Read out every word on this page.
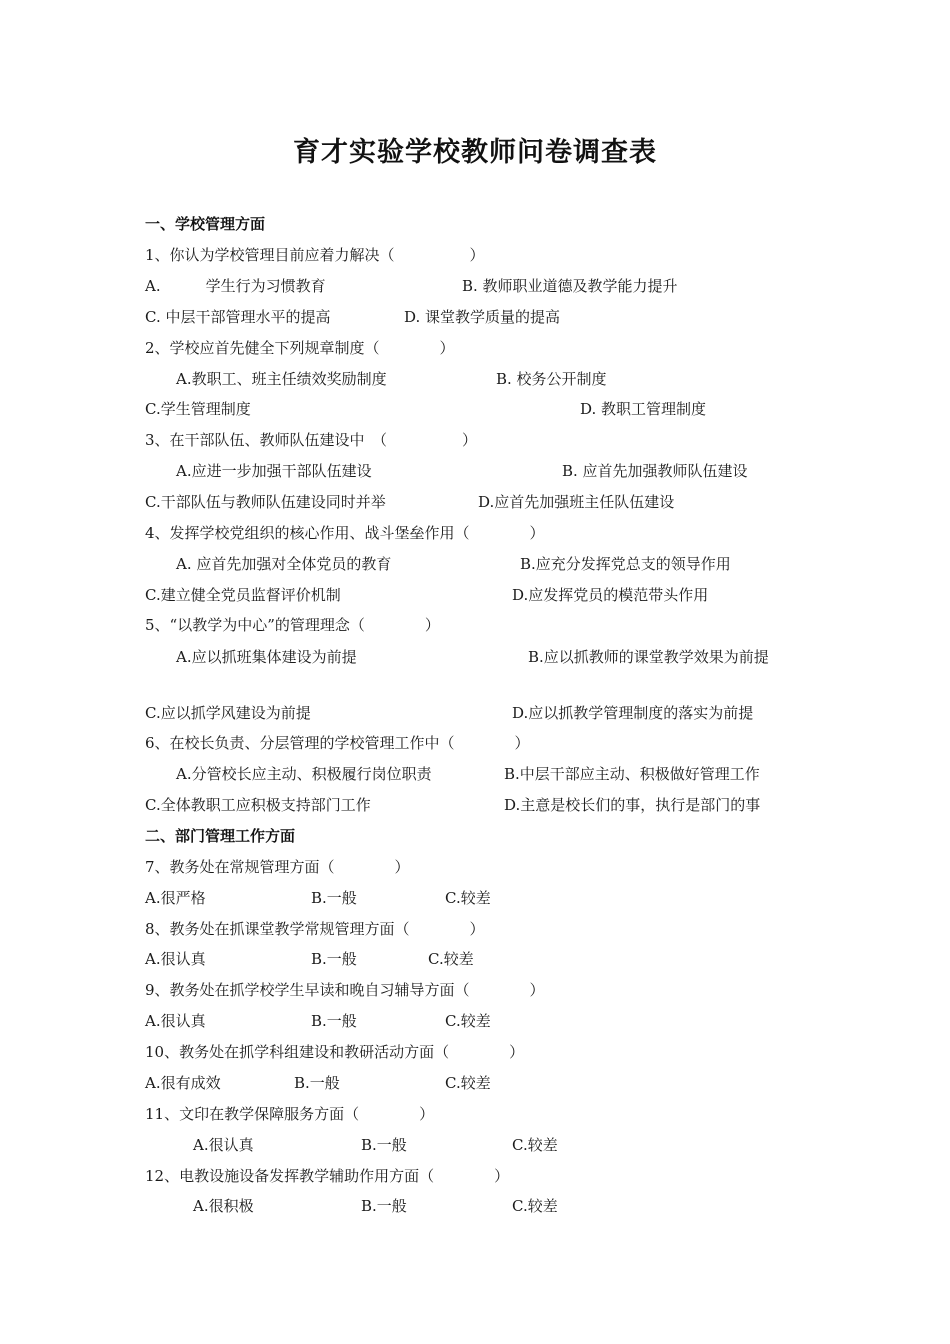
育才实验学校教师问卷调查表
一、学校管理方面
1、你认为学校管理目前应着力解决（　　　　　）
A.　　　学生行为习惯教育	B. 教师职业道德及教学能力提升
C. 中层干部管理水平的提高	D. 课堂教学质量的提高
2、学校应首先健全下列规章制度（　　　　）
A.教职工、班主任绩效奖励制度	B. 校务公开制度
C.学生管理制度	D. 教职工管理制度
3、在干部队伍、教师队伍建设中　（　　　　　）
A.应进一步加强干部队伍建设	B. 应首先加强教师队伍建设
C.干部队伍与教师队伍建设同时并举	D.应首先加强班主任队伍建设
4、发挥学校党组织的核心作用、战斗堡垒作用（　　　　）
A. 应首先加强对全体党员的教育	B.应充分发挥党总支的领导作用
C.建立健全党员监督评价机制	D.应发挥党员的模范带头作用
5、“以教学为中心”的管理理念（　　　　）
A.应以抓班集体建设为前提	B.应以抓教师的课堂教学效果为前提
C.应以抓学风建设为前提	D.应以抓教学管理制度的落实为前提
6、在校长负责、分层管理的学校管理工作中（　　　　）
A.分管校长应主动、积极履行岗位职责	B.中层干部应主动、积极做好管理工作
C.全体教职工应积极支持部门工作	D.主意是校长们的事，执行是部门的事
二、部门管理工作方面
7、教务处在常规管理方面（　　　　）
A.很严格	B.一般	C.较差
8、教务处在抓课堂教学常规管理方面（　　　　）
A.很认真	B.一般	C.较差
9、教务处在抓学校学生早读和晚自习辅导方面（　　　　）
A.很认真	B.一般	C.较差
10、教务处在抓学科组建设和教研活动方面（　　　　）
A.很有成效	B.一般	C.较差
11、文印在教学保障服务方面（　　　　）
A.很认真	B.一般	C.较差
12、电教设施设备发挥教学辅助作用方面（　　　　）
A.很积极	B.一般	C.较差
